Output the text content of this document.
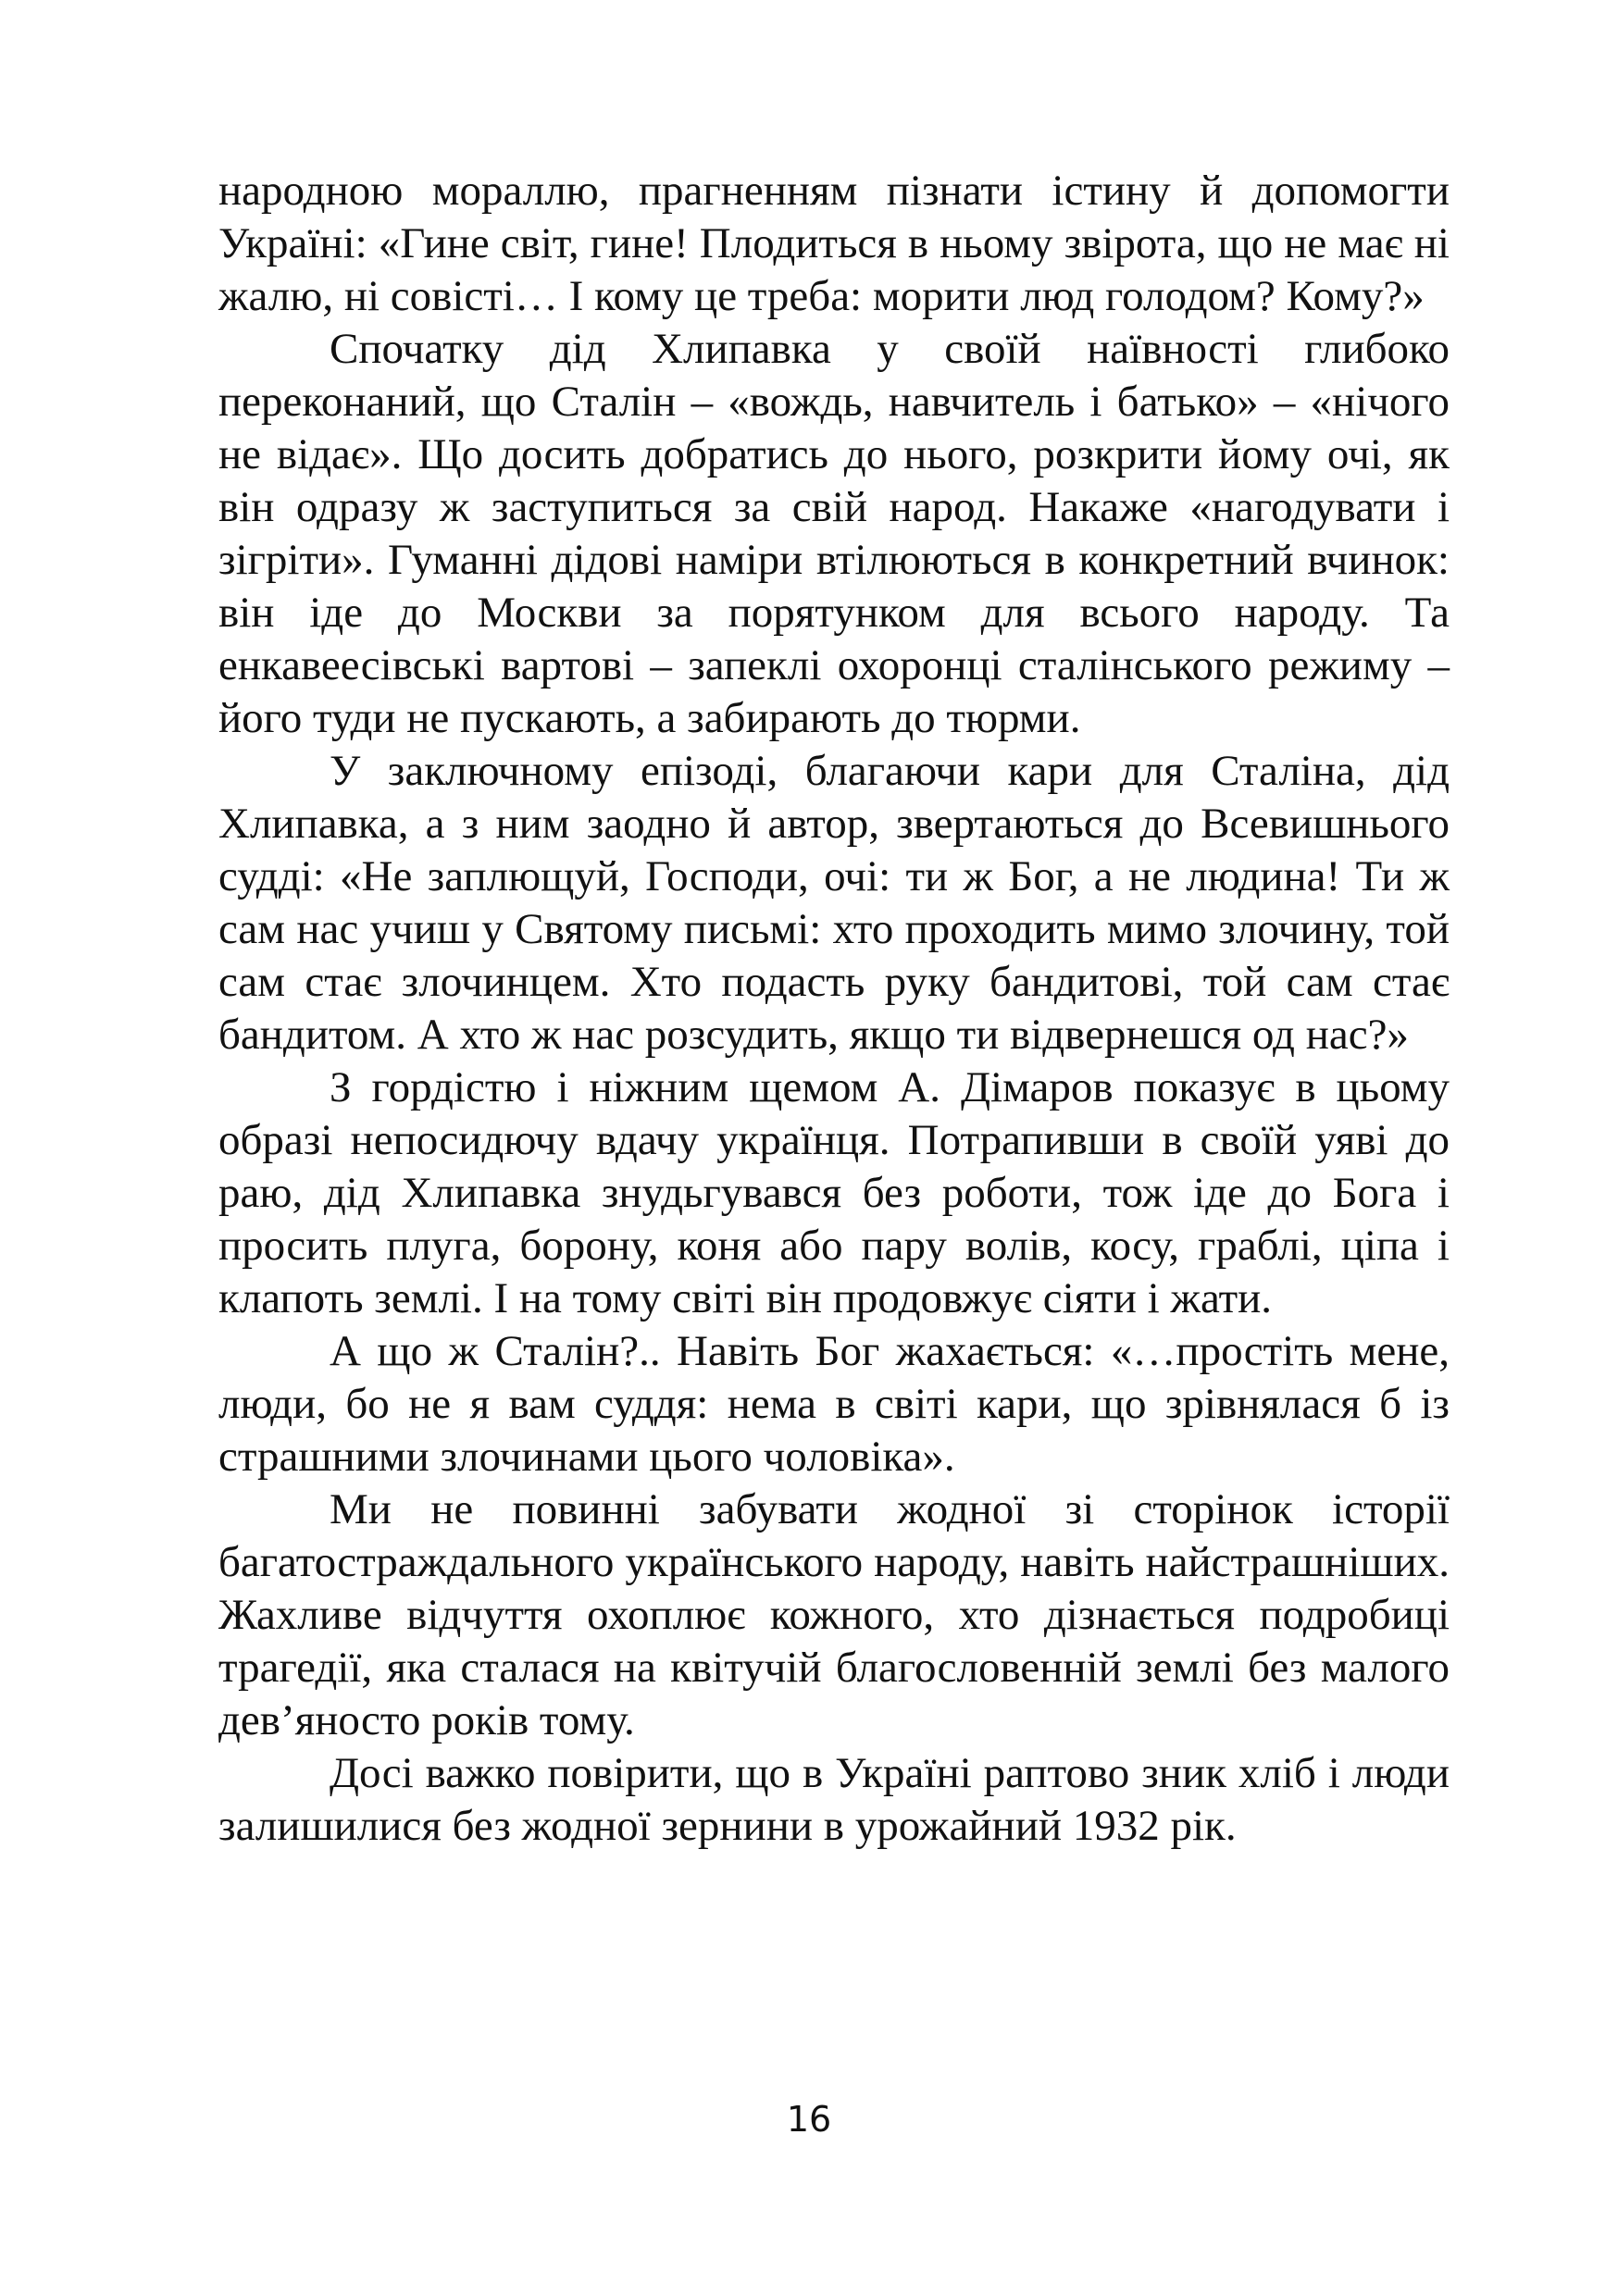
народною мораллю, прагненням пізнати істину й допомогти Україні: «Гине світ, гине! Плодиться в ньому звірота, що не має ні жалю, ні совісті… І кому це треба: морити люд голодом? Кому?»

Спочатку дід Хлипавка у своїй наївності глибоко переконаний, що Сталін – «вождь, навчитель і батько» – «нічого не відає». Що досить добратись до нього, розкрити йому очі, як він одразу ж заступиться за свій народ. Накаже «нагодувати і зігріти». Гуманні дідові наміри втілюються в конкретний вчинок: він іде до Москви за порятунком для всього народу. Та енкавеесівські вартові – запеклі охоронці сталінського режиму – його туди не пускають, а забирають до тюрми.

У заключному епізоді, благаючи кари для Сталіна, дід Хлипавка, а з ним заодно й автор, звертаються до Всевишнього судді: «Не заплющуй, Господи, очі: ти ж Бог, а не людина! Ти ж сам нас учиш у Святому письмі: хто проходить мимо злочину, той сам стає злочинцем. Хто подасть руку бандитові, той сам стає бандитом. А хто ж нас розсудить, якщо ти відвернешся од нас?»

З гордістю і ніжним щемом А. Дімаров показує в цьому образі непосидючу вдачу українця. Потрапивши в своїй уяві до раю, дід Хлипавка знудьгувався без роботи, тож іде до Бога і просить плуга, борону, коня або пару волів, косу, граблі, ціпа і клапоть землі. І на тому світі він продовжує сіяти і жати.

А що ж Сталін?.. Навіть Бог жахається: «…простіть мене, люди, бо не я вам суддя: нема в світі кари, що зрівнялася б із страшними злочинами цього чоловіка».

Ми не повинні забувати жодної зі сторінок історії багатостраждального українського народу, навіть найстрашніших. Жахливе відчуття охоплює кожного, хто дізнається подробиці трагедії, яка сталася на квітучій благословенній землі без малого дев’яносто років тому.

Досі важко повірити, що в Україні раптово зник хліб і люди залишилися без жодної зернини в урожайний 1932 рік.

16
